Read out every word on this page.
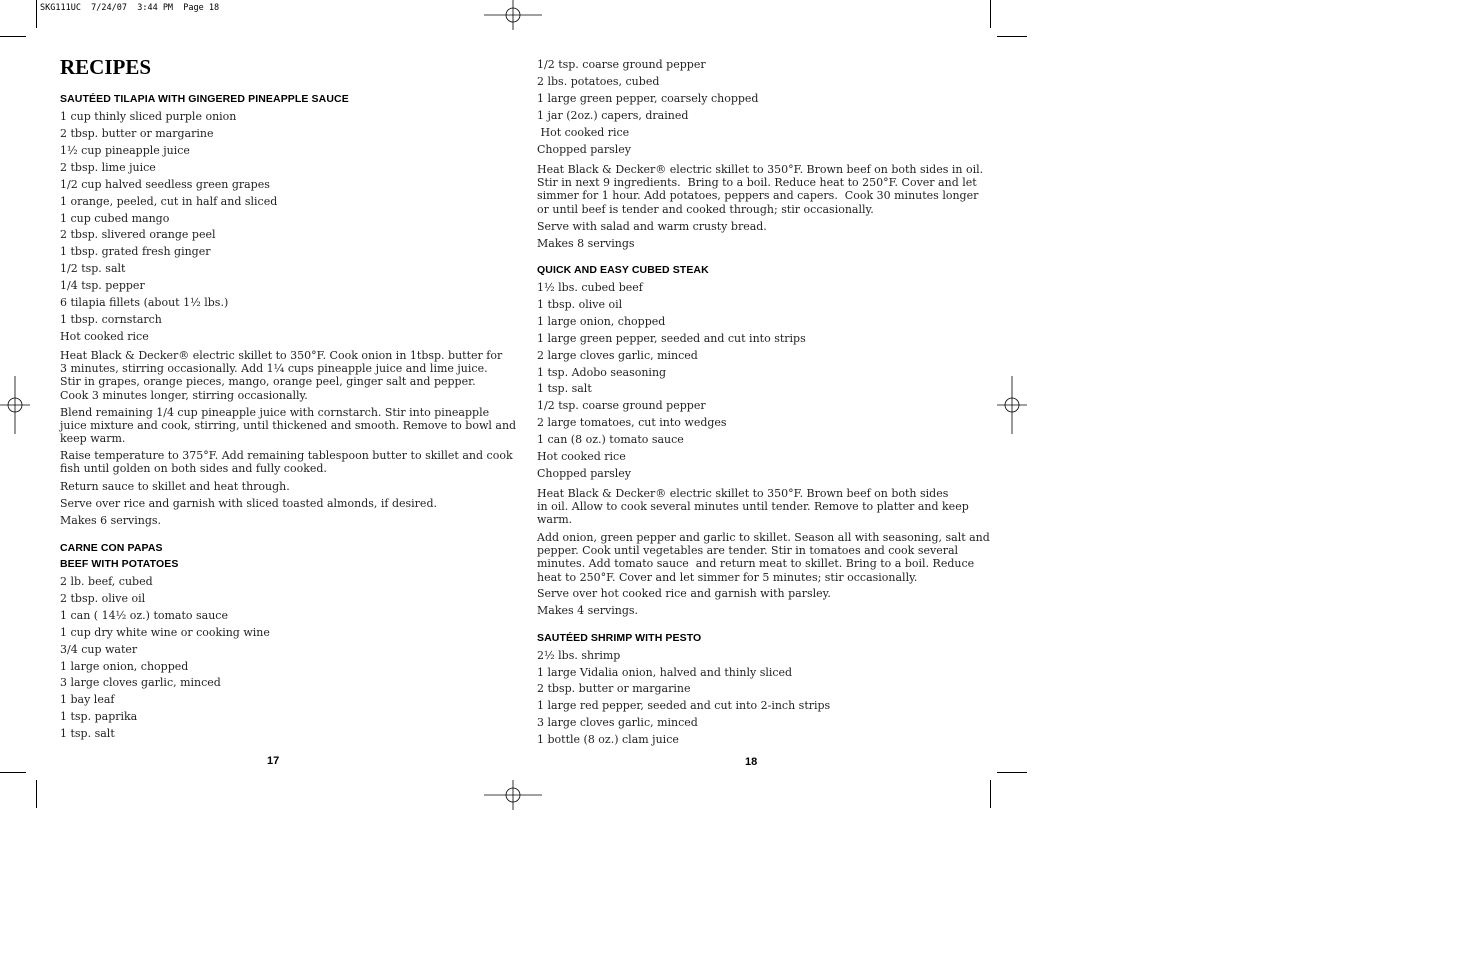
SKG111UC  7/24/07  3:44 PM  Page 18
RECIPES
SAUTÉED TILAPIA WITH GINGERED PINEAPPLE SAUCE
1 cup thinly sliced purple onion
2 tbsp. butter or margarine
1½ cup pineapple juice
2 tbsp. lime juice
1/2 cup halved seedless green grapes
1 orange, peeled, cut in half and sliced
1 cup cubed mango
2 tbsp. slivered orange peel
1 tbsp. grated fresh ginger
1/2 tsp. salt
1/4 tsp. pepper
6 tilapia fillets (about 1½ lbs.)
1 tbsp. cornstarch
Hot cooked rice
Heat Black & Decker® electric skillet to 350°F. Cook onion in 1tbsp. butter for
3 minutes, stirring occasionally. Add 1¼ cups pineapple juice and lime juice.
Stir in grapes, orange pieces, mango, orange peel, ginger salt and pepper.
Cook 3 minutes longer, stirring occasionally.
Blend remaining 1/4 cup pineapple juice with cornstarch. Stir into pineapple
juice mixture and cook, stirring, until thickened and smooth. Remove to bowl and
keep warm.
Raise temperature to 375°F. Add remaining tablespoon butter to skillet and cook
fish until golden on both sides and fully cooked.
Return sauce to skillet and heat through.
Serve over rice and garnish with sliced toasted almonds, if desired.
Makes 6 servings.
CARNE CON PAPAS
BEEF WITH POTATOES
2 lb. beef, cubed
2 tbsp. olive oil
1 can ( 14½ oz.) tomato sauce
1 cup dry white wine or cooking wine
3/4 cup water
1 large onion, chopped
3 large cloves garlic, minced
1 bay leaf
1 tsp. paprika
1 tsp. salt
17
1/2 tsp. coarse ground pepper
2 lbs. potatoes, cubed
1 large green pepper, coarsely chopped
1 jar (2oz.) capers, drained
Hot cooked rice
Chopped parsley
Heat Black & Decker® electric skillet to 350°F. Brown beef on both sides in oil.
Stir in next 9 ingredients.  Bring to a boil. Reduce heat to 250°F. Cover and let
simmer for 1 hour. Add potatoes, peppers and capers.  Cook 30 minutes longer
or until beef is tender and cooked through; stir occasionally.
Serve with salad and warm crusty bread.
Makes 8 servings
QUICK AND EASY CUBED STEAK
1½ lbs. cubed beef
1 tbsp. olive oil
1 large onion, chopped
1 large green pepper, seeded and cut into strips
2 large cloves garlic, minced
1 tsp. Adobo seasoning
1 tsp. salt
1/2 tsp. coarse ground pepper
2 large tomatoes, cut into wedges
1 can (8 oz.) tomato sauce
Hot cooked rice
Chopped parsley
Heat Black & Decker® electric skillet to 350°F. Brown beef on both sides
in oil. Allow to cook several minutes until tender. Remove to platter and keep
warm.
Add onion, green pepper and garlic to skillet. Season all with seasoning, salt and
pepper. Cook until vegetables are tender. Stir in tomatoes and cook several
minutes. Add tomato sauce  and return meat to skillet. Bring to a boil. Reduce
heat to 250°F. Cover and let simmer for 5 minutes; stir occasionally.
Serve over hot cooked rice and garnish with parsley.
Makes 4 servings.
SAUTÉED SHRIMP WITH PESTO
2½ lbs. shrimp
1 large Vidalia onion, halved and thinly sliced
2 tbsp. butter or margarine
1 large red pepper, seeded and cut into 2-inch strips
3 large cloves garlic, minced
1 bottle (8 oz.) clam juice
18
